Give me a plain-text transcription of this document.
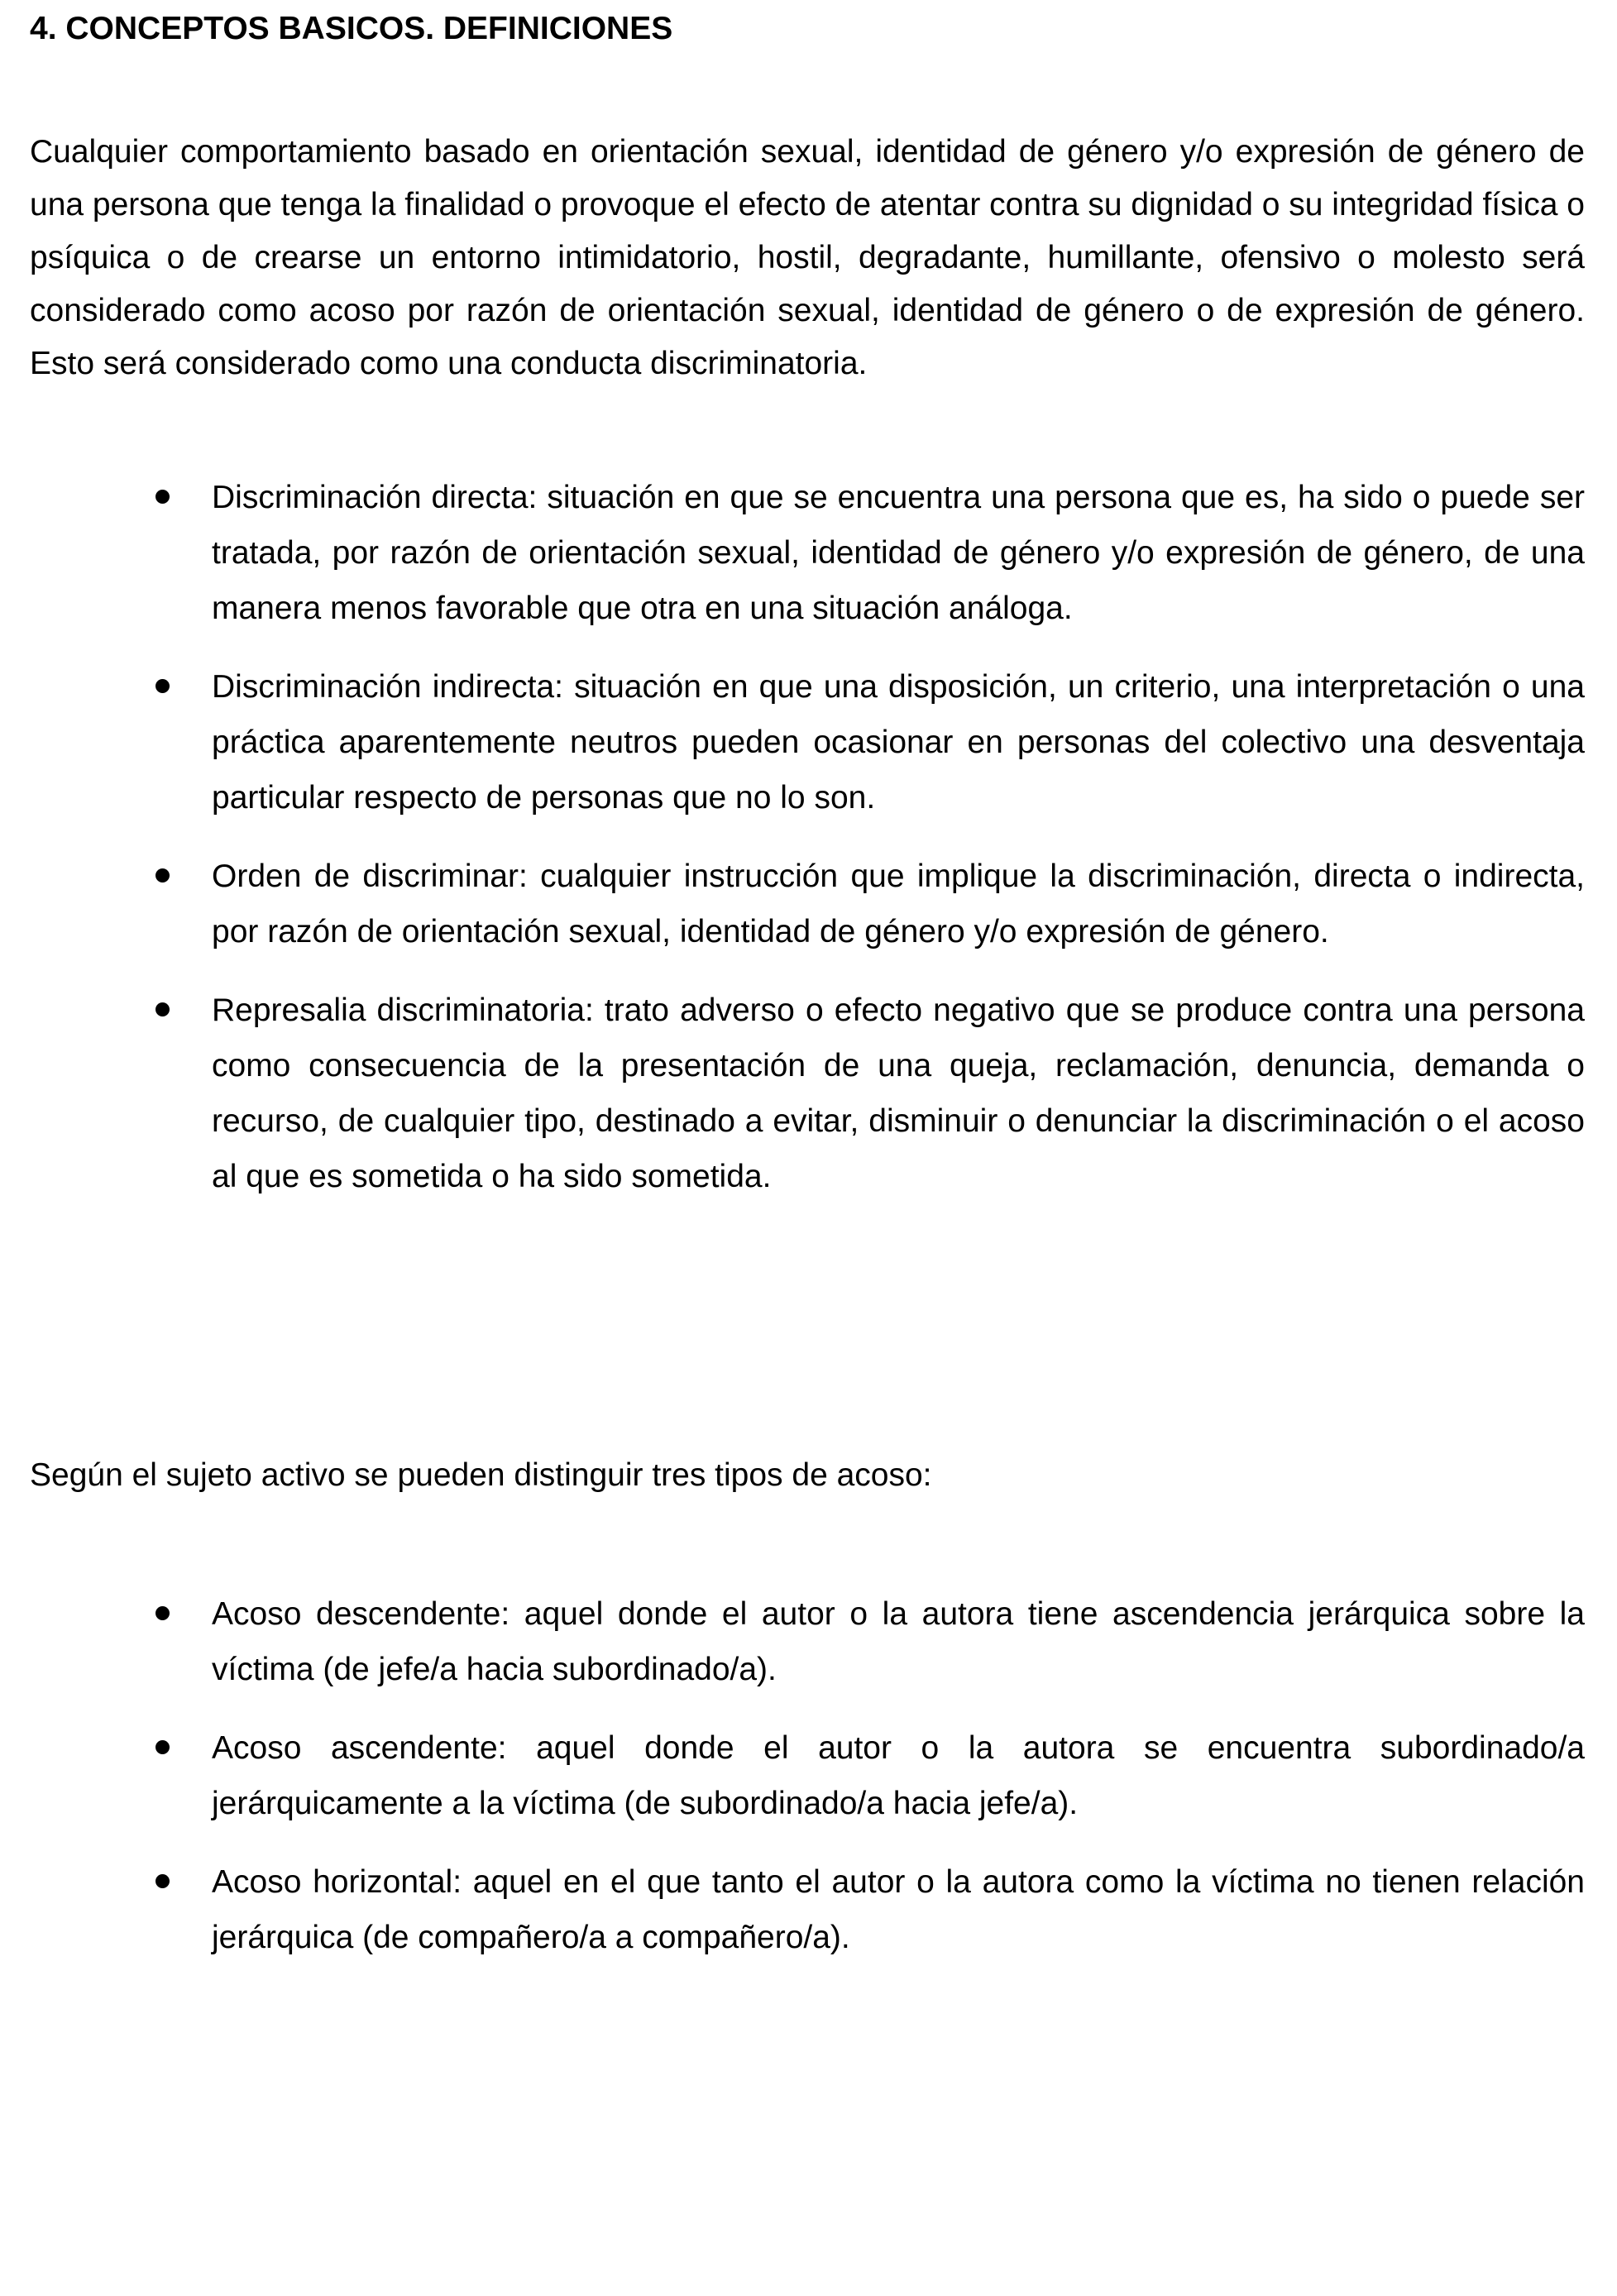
4. CONCEPTOS BASICOS. DEFINICIONES

Cualquier comportamiento basado en orientación sexual, identidad de género y/o expresión de género de una persona que tenga la finalidad o provoque el efecto de atentar contra su dignidad o su integridad física o psíquica o de crearse un entorno intimidatorio, hostil, degradante, humillante, ofensivo o molesto será considerado como acoso por razón de orientación sexual, identidad de género o de expresión de género. Esto será considerado como una conducta discriminatoria.

Discriminación directa: situación en que se encuentra una persona que es, ha sido o puede ser tratada, por razón de orientación sexual, identidad de género y/o expresión de género, de una manera menos favorable que otra en una situación análoga.
Discriminación indirecta: situación en que una disposición, un criterio, una interpretación o una práctica aparentemente neutros pueden ocasionar en personas del colectivo una desventaja particular respecto de personas que no lo son.
Orden de discriminar: cualquier instrucción que implique la discriminación, directa o indirecta, por razón de orientación sexual, identidad de género y/o expresión de género.
Represalia discriminatoria: trato adverso o efecto negativo que se produce contra una persona como consecuencia de la presentación de una queja, reclamación, denuncia, demanda o recurso, de cualquier tipo, destinado a evitar, disminuir o denunciar la discriminación o el acoso al que es sometida o ha sido sometida.

Según el sujeto activo se pueden distinguir tres tipos de acoso:

Acoso descendente: aquel donde el autor o la autora tiene ascendencia jerárquica sobre la víctima (de jefe/a hacia subordinado/a).
Acoso ascendente: aquel donde el autor o la autora se encuentra subordinado/a jerárquicamente a la víctima (de subordinado/a hacia jefe/a).
Acoso horizontal: aquel en el que tanto el autor o la autora como la víctima no tienen relación jerárquica (de compañero/a a compañero/a).
